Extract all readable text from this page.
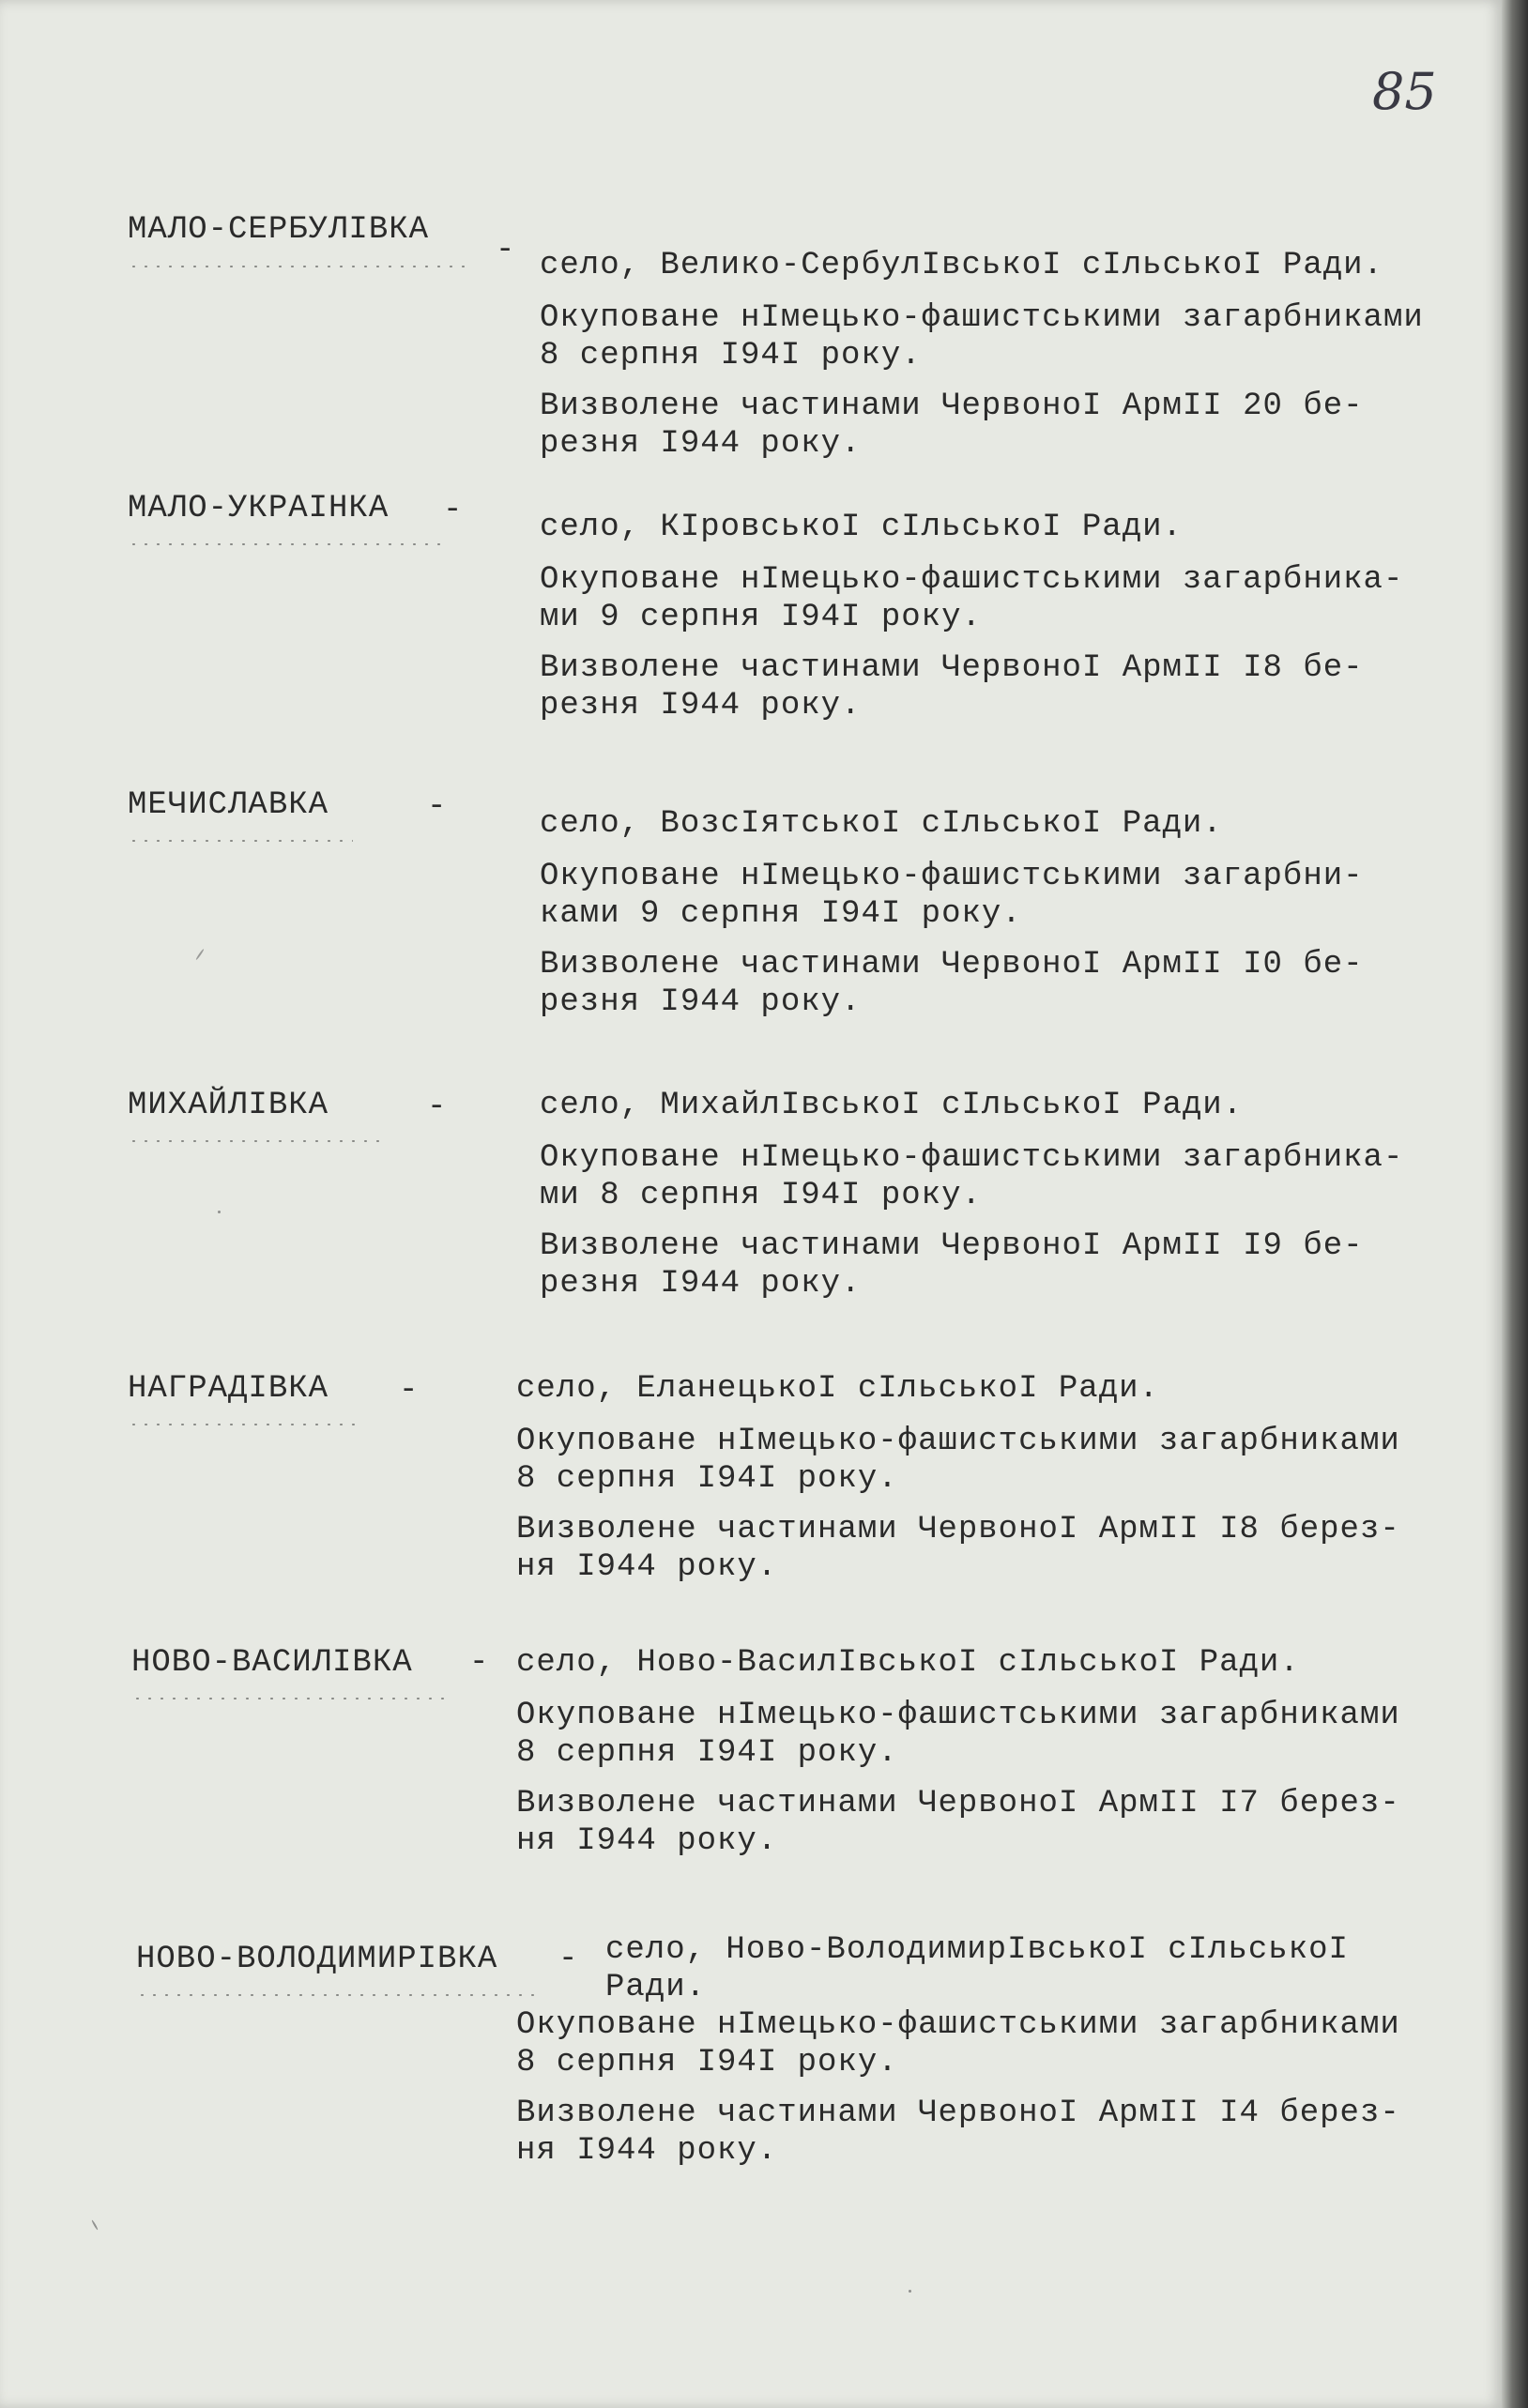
85
МАЛО-СЕРБУЛІВКА
- село, Велико-СербулІвськоI сІльськоI Ради.

Окуповане нІмецько-фашистськими загарбниками
8 серпня I94I року.

Визволене частинами ЧервоноI АрмII 20 бе-
резня I944 року.

МАЛО-УКРАІНКА - село, КІровськоI сІльськоI Ради.

Окуповане нІмецько-фашистськими загарбника-
ми 9 серпня I94I року.

Визволене частинами ЧервоноI АрмII I8 бе-
резня I944 року.

МЕЧИСЛАВКА	-	село, ВозсІятськоI сІльськоI Ради.

Окуповане нІмецько-фашистськими загарбни-
ками 9 серпня I94I року.

Визволене частинами ЧервоноI АрмII I0 бе-
резня I944 року.

МИХАЙЛІВКА	-	село, МихайлІвськоI сІльськоI Ради.

Окуповане нІмецько-фашистськими загарбника-
ми 8 серпня I94I року.

Визволене частинами ЧервоноI АрмII I9 бе-
резня I944 року.

НАГРАДІВКА -	село, ЕланецькоI сІльськоI Ради.

Окуповане нІмецько-фашистськими загарбниками
8 серпня I94I року.

Визволене частинами ЧервоноI АрмII I8 берез-
ня I944 року.

НОВО-ВАСИЛІВКА - село, Ново-ВасилІвськоI сІльськоI Ради.

Окуповане нІмецько-фашистськими загарбниками
8 серпня I94I року.

Визволене частинами ЧервоноI АрмII I7 берез-
ня I944 року.

НОВО-ВОЛОДИМИРІВКА - село, Ново-ВолодимирІвськоI сІльськоI
Ради.

Окуповане нІмецько-фашистськими загарбниками
8 серпня I94I року.

Визволене частинами ЧервоноI АрмII I4 берез-
ня I944 року.
